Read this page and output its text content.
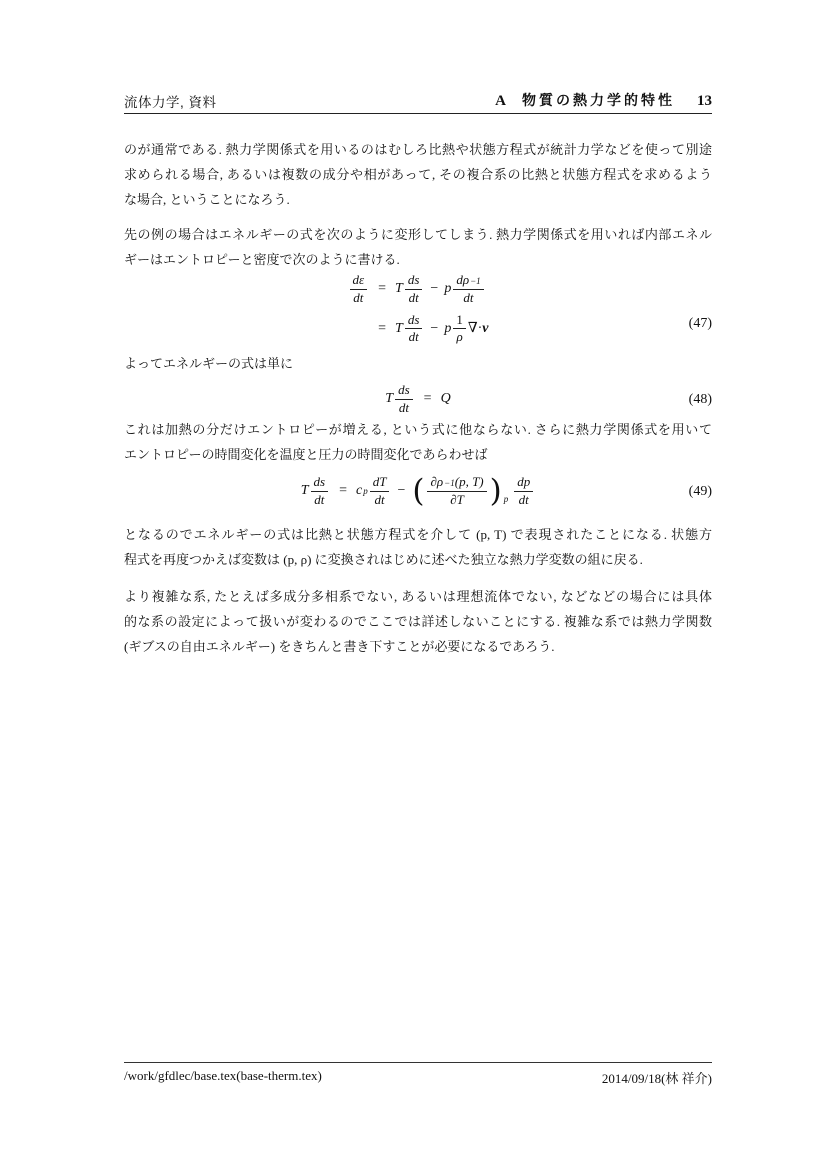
流体力学, 資料	A 物質の熱力学的特性 13
のが通常である. 熱力学関係式を用いるのはむしろ比熱や状態方程式が統計力学などを使って別途
求められる場合, あるいは複数の成分や相があって, その複合系の比熱と状態方程式を求めるよう
な場合, ということになろう.
先の例の場合はエネルギーの式を次のように変形してしまう. 熱力学関係式を用いれば内部エネル
ギーはエントロピーと密度で次のように書ける.
$\frac{d\varepsilon}{dt} = T \frac{ds}{dt} - p \frac{d\rho -1}{dt}$
= T $\frac{ds}{dt} - p \frac{1}{\rho}$ ∇· v	(47)
よってエネルギーの式は単に
T $\frac{ds}{dt} = Q$	(48)
これは加熱の分だけエントロピーが増える, という式に他ならない. さらに熱力学関係式を用いて
エントロピーの時間変化を温度と圧力の時間変化であらわせば
T $\frac{ds}{dt} = c$ p $\frac{dT}{dt}$ − ( $\frac{\partial\rho -1 (p, T)}{\partial T}$ ) p $\frac{dp}{dt}$	(49)
となるのでエネルギーの式は比熱と状態方程式を介して (p, T) で表現されたことになる. 状態方
程式を再度つかえば変数は (p, ρ) に変換されはじめに述べた独立な熱力学変数の組に戻る.
より複雑な系, たとえば多成分多相系でない, あるいは理想流体でない, などなどの場合には具体
的な系の設定によって扱いが変わるのでここでは詳述しないことにする. 複雑な系では熱力学関数
(ギブスの自由エネルギー) をきちんと書き下すことが必要になるであろう.
/work/gfdlec/base.tex(base-therm.tex)	2014/09/18(林 祥介)
